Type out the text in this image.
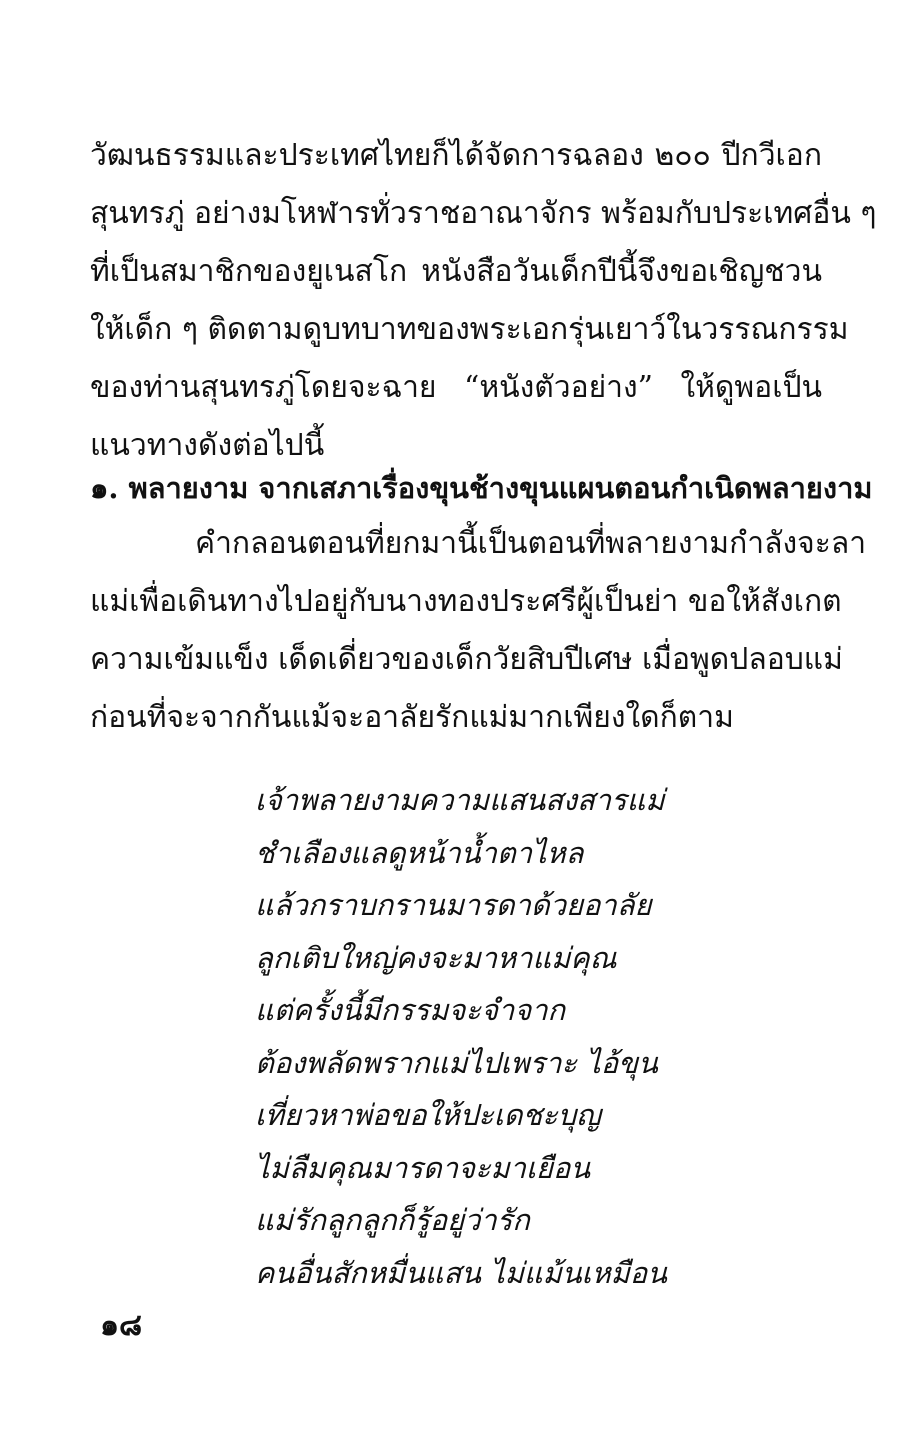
วัฒนธรรมและประเทศไทยก็ได้จัดการฉลอง ๒๐๐ ปีกวีเอก
สุนทรภู่ อย่างมโหฬารทั่วราชอาณาจักร พร้อมกับประเทศอื่น ๆ
ที่เป็นสมาชิกของยูเนสโก หนังสือวันเด็กปีนี้จึงขอเชิญชวน
ให้เด็ก ๆ ติดตามดูบทบาทของพระเอกรุ่นเยาว์ในวรรณกรรม
ของท่านสุนทรภู่โดยจะฉาย “หนังตัวอย่าง” ให้ดูพอเป็น
แนวทางดังต่อไปนี้
๑. พลายงาม จากเสภาเรื่องขุนช้างขุนแผนตอนกำเนิดพลายงาม
คำกลอนตอนที่ยกมานี้เป็นตอนที่พลายงามกำลังจะลา
แม่เพื่อเดินทางไปอยู่กับนางทองประศรีผู้เป็นย่า ขอให้สังเกต
ความเข้มแข็ง เด็ดเดี่ยวของเด็กวัยสิบปีเศษ เมื่อพูดปลอบแม่
ก่อนที่จะจากกันแม้จะอาลัยรักแม่มากเพียงใดก็ตาม
เจ้าพลายงามความแสนสงสารแม่
ชำเลืองแลดูหน้าน้ำตาไหล
แล้วกราบกรานมารดาด้วยอาลัย
ลูกเติบใหญ่คงจะมาหาแม่คุณ
แต่ครั้งนี้มีกรรมจะจำจาก
ต้องพลัดพรากแม่ไปเพราะ ไอ้ขุน
เที่ยวหาพ่อขอให้ปะเดชะบุญ
ไม่ลืมคุณมารดาจะมาเยือน
แม่รักลูกลูกก็รู้อยู่ว่ารัก
คนอื่นสักหมื่นแสน ไม่แม้นเหมือน
๑๘
